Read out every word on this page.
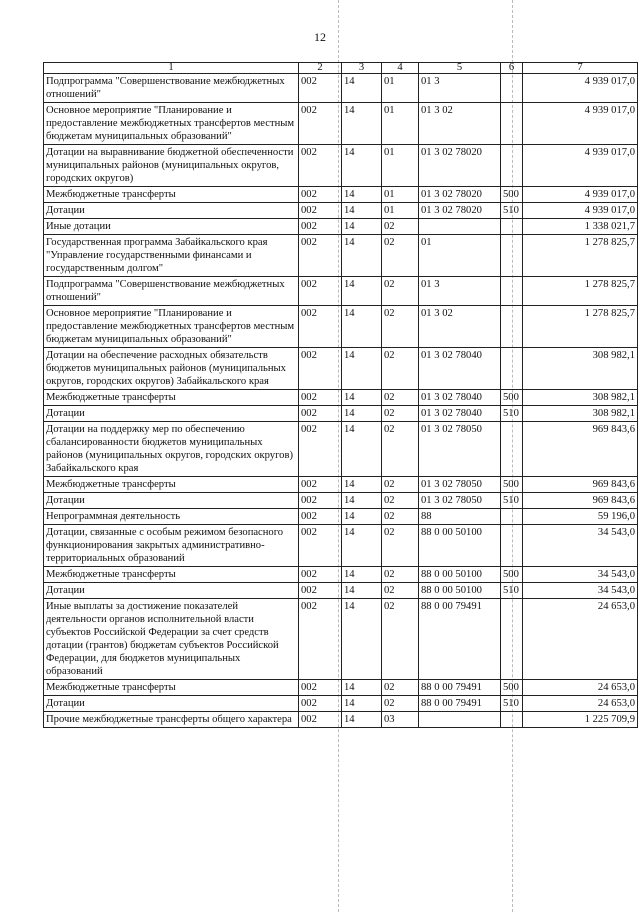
12
1	2	3	4	5	6	7
Подпрограмма "Совершенствование межбюджетных отношений"	002	14	01	01 3		4 939 017,0
Основное мероприятие "Планирование и предоставление межбюджетных трансфертов местным бюджетам муниципальных образований"	002	14	01	01 3 02		4 939 017,0
Дотации на выравнивание бюджетной обеспеченности муниципальных районов (муниципальных округов, городских округов)	002	14	01	01 3 02 78020		4 939 017,0
Межбюджетные трансферты	002	14	01	01 3 02 78020	500	4 939 017,0
Дотации	002	14	01	01 3 02 78020	510	4 939 017,0
Иные дотации	002	14	02			1 338 021,7
Государственная программа Забайкальского края "Управление государственными финансами и государственным долгом"	002	14	02	01		1 278 825,7
Подпрограмма "Совершенствование межбюджетных отношений"	002	14	02	01 3		1 278 825,7
Основное мероприятие "Планирование и предоставление межбюджетных трансфертов местным бюджетам муниципальных образований"	002	14	02	01 3 02		1 278 825,7
Дотации на обеспечение расходных обязательств бюджетов муниципальных районов (муниципальных округов, городских округов) Забайкальского края	002	14	02	01 3 02 78040		308 982,1
Межбюджетные трансферты	002	14	02	01 3 02 78040	500	308 982,1
Дотации	002	14	02	01 3 02 78040	510	308 982,1
Дотации на поддержку мер по обеспечению сбалансированности бюджетов муниципальных районов (муниципальных округов, городских округов) Забайкальского края	002	14	02	01 3 02 78050		969 843,6
Межбюджетные трансферты	002	14	02	01 3 02 78050	500	969 843,6
Дотации	002	14	02	01 3 02 78050	510	969 843,6
Непрограммная деятельность	002	14	02	88		59 196,0
Дотации, связанные с особым режимом безопасного функционирования закрытых административно-территориальных образований	002	14	02	88 0 00 50100		34 543,0
Межбюджетные трансферты	002	14	02	88 0 00 50100	500	34 543,0
Дотации	002	14	02	88 0 00 50100	510	34 543,0
Иные выплаты за достижение показателей деятельности органов исполнительной власти субъектов Российской Федерации за счет средств дотации (грантов) бюджетам субъектов Российской Федерации, для бюджетов муниципальных образований	002	14	02	88 0 00 79491		24 653,0
Межбюджетные трансферты	002	14	02	88 0 00 79491	500	24 653,0
Дотации	002	14	02	88 0 00 79491	510	24 653,0
Прочие межбюджетные трансферты общего характера	002	14	03			1 225 709,9
